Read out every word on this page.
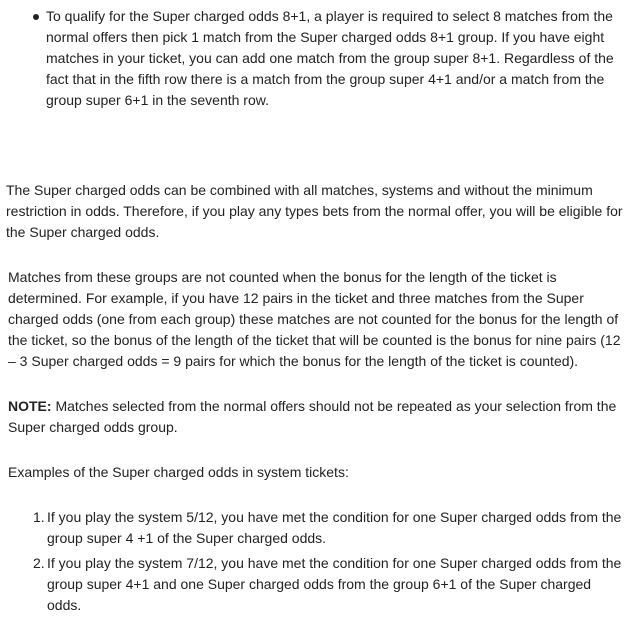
To qualify for the Super charged odds 8+1, a player is required to select 8 matches from the normal offers then pick 1 match from the Super charged odds 8+1 group. If you have eight matches in your ticket, you can add one match from the group super 8+1. Regardless of the fact that in the fifth row there is a match from the group super 4+1 and/or a match from the group super 6+1 in the seventh row.

The Super charged odds can be combined with all matches, systems and without the minimum restriction in odds. Therefore, if you play any types bets from the normal offer, you will be eligible for the Super charged odds.

Matches from these groups are not counted when the bonus for the length of the ticket is determined. For example, if you have 12 pairs in the ticket and three matches from the Super charged odds (one from each group) these matches are not counted for the bonus for the length of the ticket, so the bonus of the length of the ticket that will be counted is the bonus for nine pairs (12 – 3 Super charged odds = 9 pairs for which the bonus for the length of the ticket is counted).

NOTE: Matches selected from the normal offers should not be repeated as your selection from the Super charged odds group.

Examples of the Super charged odds in system tickets:

1. If you play the system 5/12, you have met the condition for one Super charged odds from the group super 4 +1 of the Super charged odds.
2. If you play the system 7/12, you have met the condition for one Super charged odds from the group super 4+1 and one Super charged odds from the group 6+1 of the Super charged odds.
